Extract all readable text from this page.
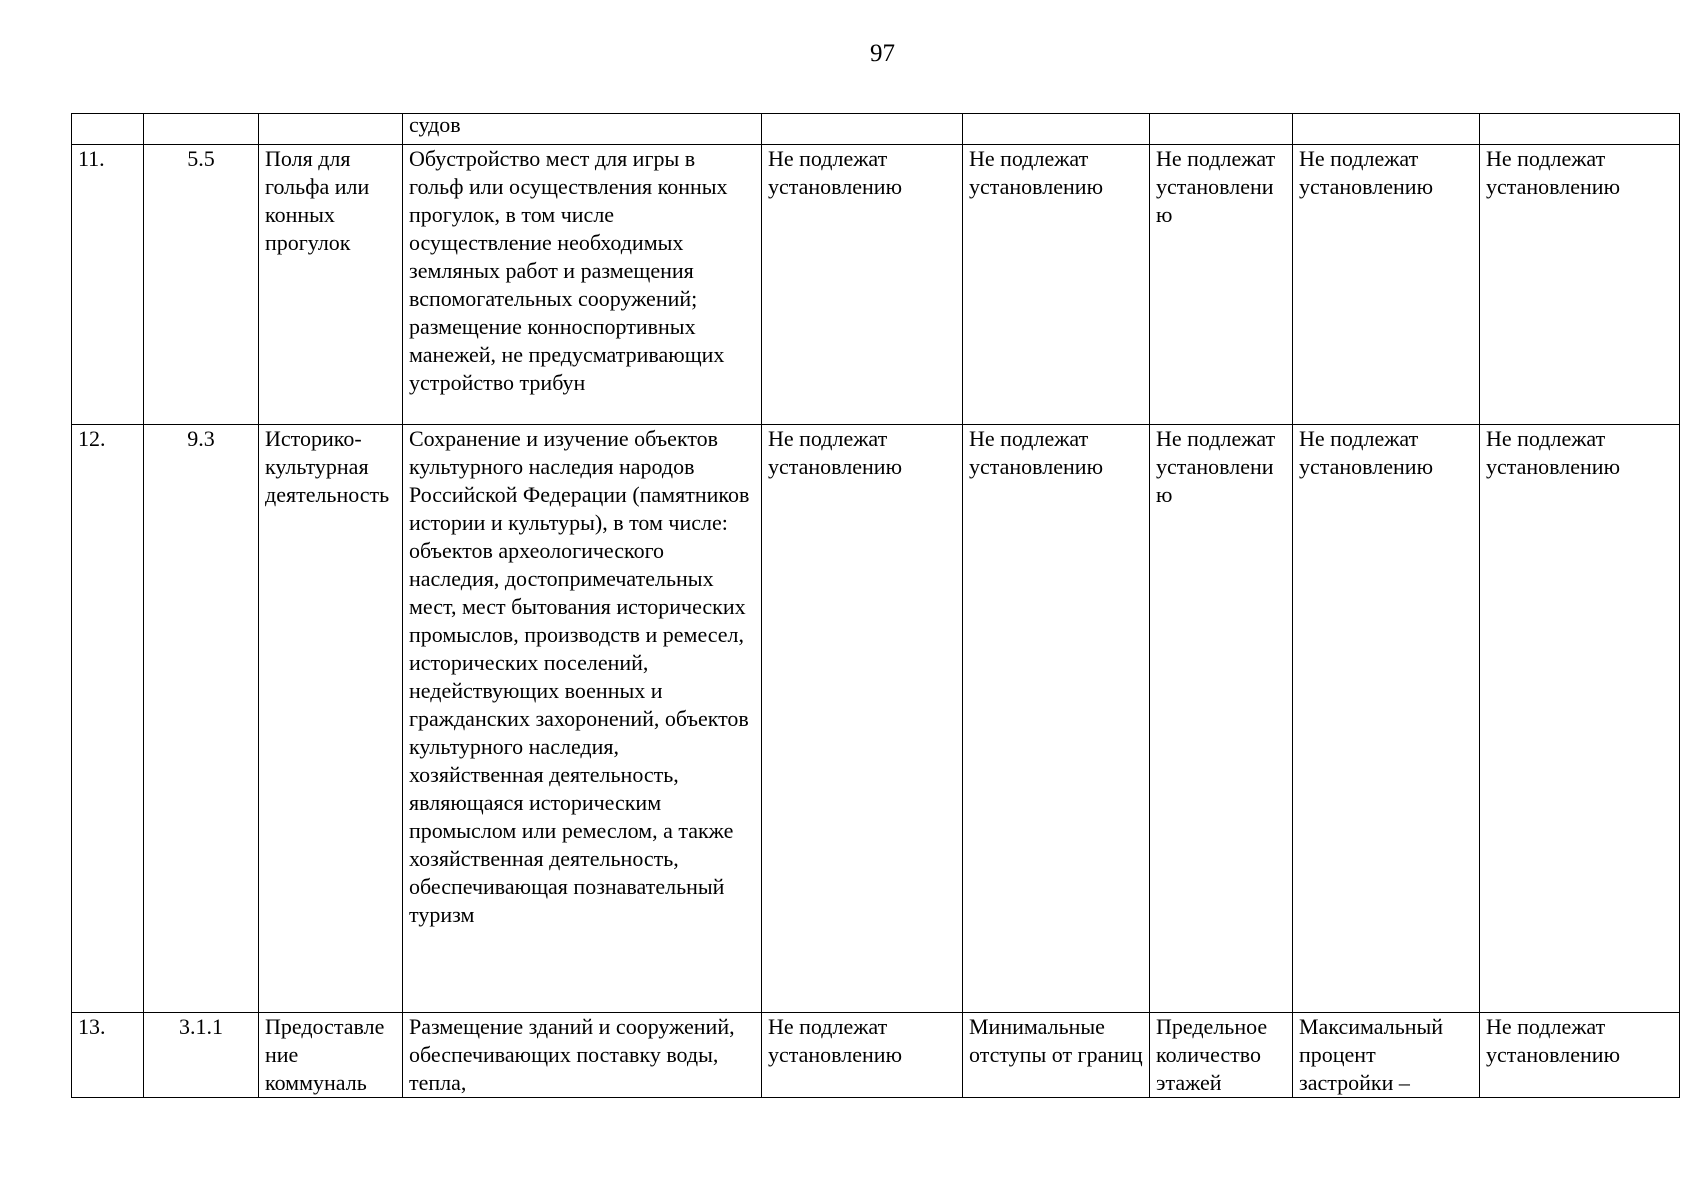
97
			судов					
11.	5.5	Поля для гольфа или конных прогулок	Обустройство мест для игры в гольф или осуществления конных прогулок, в том числе осуществление необходимых земляных работ и размещения вспомогательных сооружений; размещение конноспортивных манежей, не предусматривающих устройство трибун	Не подлежат установлению	Не подлежат установлению	Не подлежат установлению	Не подлежат установлению	Не подлежат установлению
12.	9.3	Историко-культурная деятельность	Сохранение и изучение объектов культурного наследия народов Российской Федерации (памятников истории и культуры), в том числе: объектов археологического наследия, достопримечательных мест, мест бытования исторических промыслов, производств и ремесел, исторических поселений, недействующих военных и гражданских захоронений, объектов культурного наследия, хозяйственная деятельность, являющаяся историческим промыслом или ремеслом, а также хозяйственная деятельность, обеспечивающая познавательный туризм	Не подлежат установлению	Не подлежат установлению	Не подлежат установлению	Не подлежат установлению	Не подлежат установлению
13.	3.1.1	Предоставление коммуналь	Размещение зданий и сооружений, обеспечивающих поставку воды, тепла,	Не подлежат установлению	Минимальные отступы от границ	Предельное количество этажей	Максимальный процент застройки –	Не подлежат установлению
